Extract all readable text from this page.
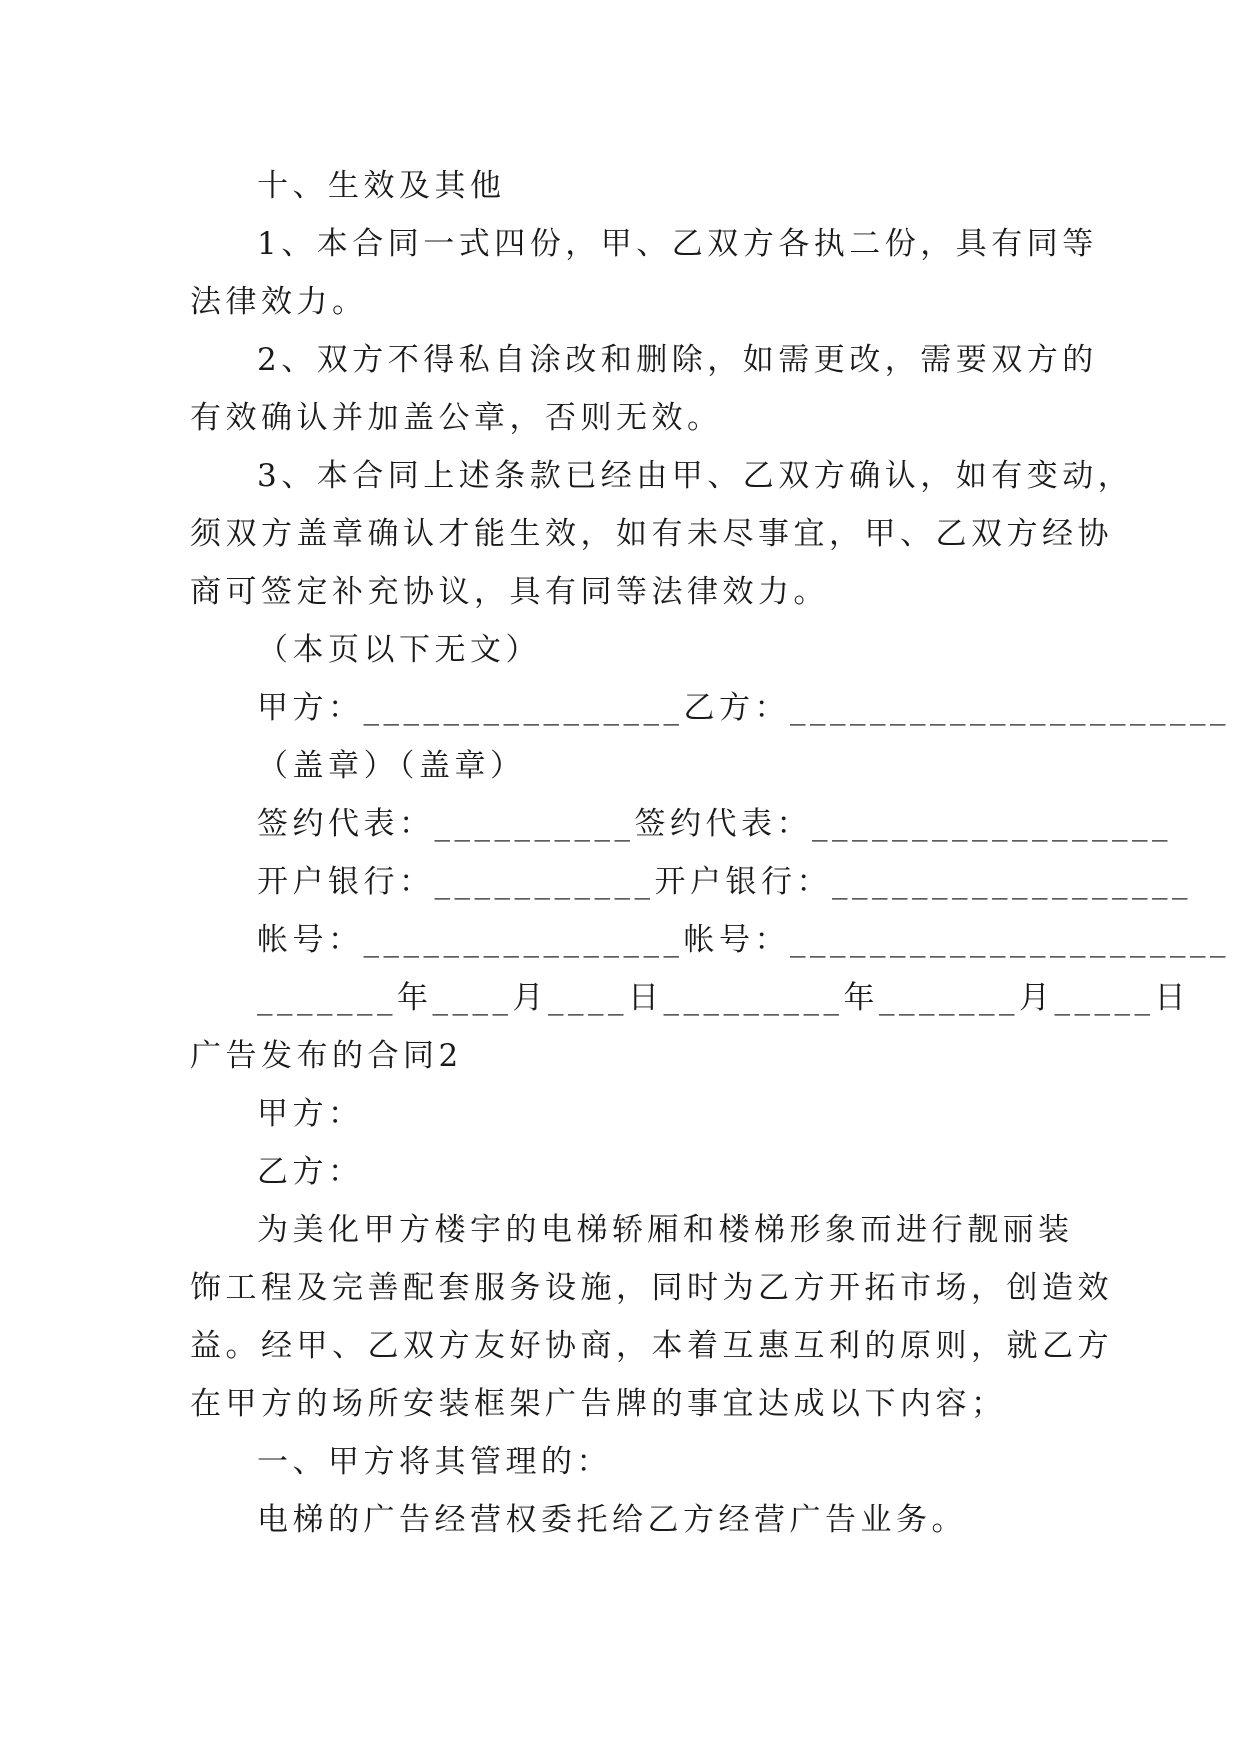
十、生效及其他
1、本合同一式四份，甲、乙双方各执二份，具有同等
法律效力。
2、双方不得私自涂改和删除，如需更改，需要双方的
有效确认并加盖公章，否则无效。
3、本合同上述条款已经由甲、乙双方确认，如有变动，
须双方盖章确认才能生效，如有未尽事宜，甲、乙双方经协
商可签定补充协议，具有同等法律效力。
（本页以下无文）
甲方：________________乙方：______________________
（盖章）（盖章）
签约代表：__________签约代表：__________________
开户银行：___________开户银行：__________________
帐号：________________帐号：______________________
_______年____月____日_________年_______月_____日
广告发布的合同2
甲方：
乙方：
为美化甲方楼宇的电梯轿厢和楼梯形象而进行靓丽装
饰工程及完善配套服务设施，同时为乙方开拓市场，创造效
益。经甲、乙双方友好协商，本着互惠互利的原则，就乙方
在甲方的场所安装框架广告牌的事宜达成以下内容；
一、甲方将其管理的：
电梯的广告经营权委托给乙方经营广告业务。
